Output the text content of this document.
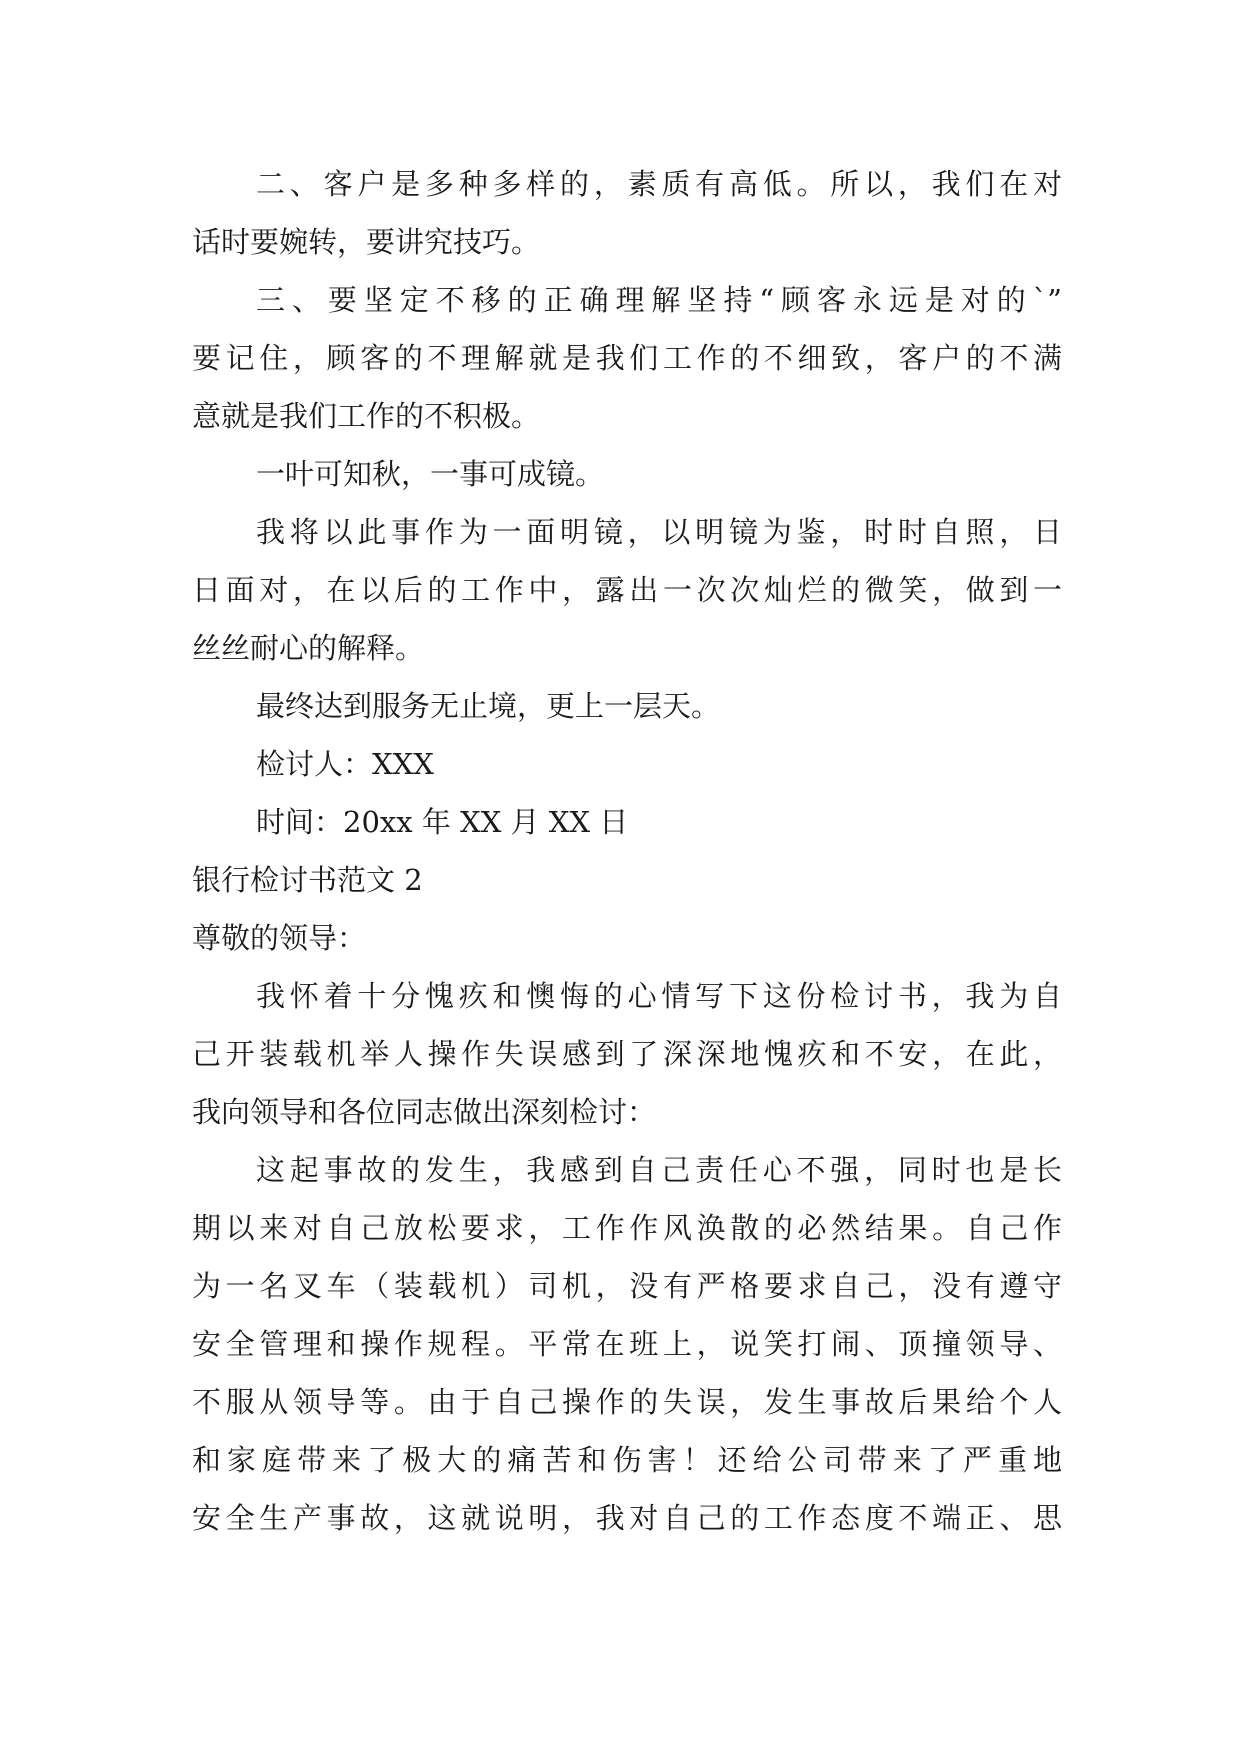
二、客户是多种多样的，素质有高低。所以，我们在对
话时要婉转，要讲究技巧。
三、要坚定不移的正确理解坚持“顾客永远是对的`”
要记住，顾客的不理解就是我们工作的不细致，客户的不满
意就是我们工作的不积极。
一叶可知秋，一事可成镜。
我将以此事作为一面明镜，以明镜为鉴，时时自照，日
日面对，在以后的工作中，露出一次次灿烂的微笑，做到一
丝丝耐心的解释。
最终达到服务无止境，更上一层天。
检讨人：XXX
时间：20xx 年 XX 月 XX 日
银行检讨书范文 2
尊敬的领导：
我怀着十分愧疚和懊悔的心情写下这份检讨书，我为自
己开装载机举人操作失误感到了深深地愧疚和不安，在此，
我向领导和各位同志做出深刻检讨：
这起事故的发生，我感到自己责任心不强，同时也是长
期以来对自己放松要求，工作作风涣散的必然结果。自己作
为一名叉车（装载机）司机，没有严格要求自己，没有遵守
安全管理和操作规程。平常在班上，说笑打闹、顶撞领导、
不服从领导等。由于自己操作的失误，发生事故后果给个人
和家庭带来了极大的痛苦和伤害！还给公司带来了严重地
安全生产事故，这就说明，我对自己的工作态度不端正、思
